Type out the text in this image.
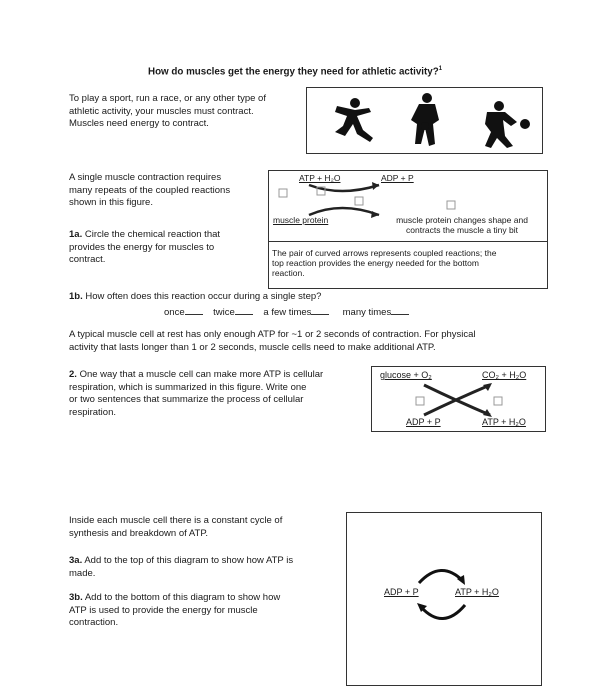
How do muscles get the energy they need for athletic activity?$^1$
To play a sport, run a race, or any other type of
athletic activity, your muscles must contract.
Muscles need energy to contract.
A single muscle contraction requires
many repeats of the coupled reactions
shown in this figure.
1a. Circle the chemical reaction that
provides the energy for muscles to
contract.
ATP + H₂O	ADP + P
muscle protein	muscle protein changes shape and
contracts the muscle a tiny bit
The pair of curved arrows represents coupled reactions; the
top reaction provides the energy needed for the bottom
reaction.
1b. How often does this reaction occur during a single step?
once	twice	a few times	many times
A typical muscle cell at rest has only enough ATP for ~1 or 2 seconds of contraction. For physical
activity that lasts longer than 1 or 2 seconds, muscle cells need to make additional ATP.
2. One way that a muscle cell can make more ATP is cellular
respiration, which is summarized in this figure. Write one
or two sentences that summarize the process of cellular
respiration.
glucose + O₂	CO₂ + H₂O
ADP + P	ATP + H₂O
Inside each muscle cell there is a constant cycle of
synthesis and breakdown of ATP.
3a. Add to the top of this diagram to show how ATP is
made.
3b. Add to the bottom of this diagram to show how
ATP is used to provide the energy for muscle
contraction.
ADP + P	ATP + H₂O
